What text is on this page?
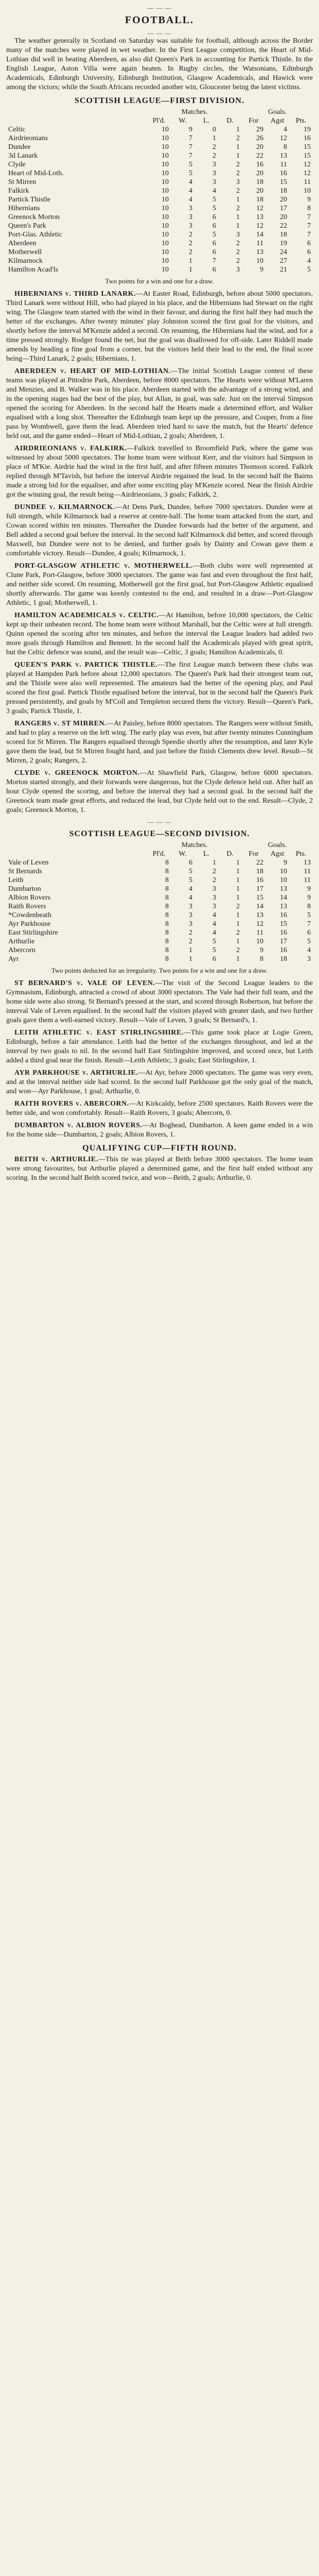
— — —
FOOTBALL.
— — —

The weather generally in Scotland on Saturday was suitable for football, although across the Border many of the matches were played in wet weather. In the First League competition, the Heart of Mid-Lothian did well in beating Aberdeen, as also did Queen's Park in accounting for Partick Thistle. In the English League, Aston Villa were again beaten. In Rugby circles, the Watsonians, Edinburgh Academicals, Edinburgh University, Edinburgh Institution, Glasgow Academicals, and Hawick were among the victors; while the South Africans recorded another win, Gloucester being the latest victims.

SCOTTISH LEAGUE—FIRST DIVISION.
	Matches.				Goals.		
	Pl'd.	W.	L.	D.	For	Agst	Pts.
Celtic	10	9	0	1	29	4	19
Airdrieonians	10	7	1	2	26	12	16
Dundee	10	7	2	1	20	8	15
3d Lanark	10	7	2	1	22	13	15
Clyde	10	5	3	2	16	11	12
Heart of Mid-Loth.	10	5	3	2	20	16	12
St Mirren	10	4	3	3	18	15	11
Falkirk	10	4	4	2	20	18	10
Partick Thistle	10	4	5	1	18	20	9
Hibernians	10	3	5	2	12	17	8
Greenock Morton	10	3	6	1	13	20	7
Queen's Park	10	3	6	1	12	22	7
Port-Glas. Athletic	10	2	5	3	14	18	7
Aberdeen	10	2	6	2	11	19	6
Motherwell	10	2	6	2	13	24	6
Kilmarnock	10	1	7	2	10	27	4
Hamilton Acad'ls	10	1	6	3	9	21	5
Two points for a win and one for a draw.

HIBERNIANS v. THIRD LANARK.—At Easter Road, Edinburgh, before about 5000 spectators. Third Lanark were without Hill, who had played in his place, and the Hibernians had Stewart on the right wing. The Glasgow team started with the wind in their favour, and during the first half they had much the better of the exchanges. After twenty minutes' play Johnston scored the first goal for the visitors, and shortly before the interval M'Kenzie added a second. On resuming, the Hibernians had the wind, and for a time pressed strongly. Rodger found the net, but the goal was disallowed for off-side. Later Riddell made amends by heading a fine goal from a corner, but the visitors held their lead to the end, the final score being—Third Lanark, 2 goals; Hibernians, 1.

ABERDEEN v. HEART OF MID-LOTHIAN.—The initial Scottish League contest of these teams was played at Pittodrie Park, Aberdeen, before 8000 spectators. The Hearts were without M'Laren and Menzies, and B. Walker was in his place. Aberdeen started with the advantage of a strong wind, and in the opening stages had the best of the play, but Allan, in goal, was safe. Just on the interval Simpson opened the scoring for Aberdeen. In the second half the Hearts made a determined effort, and Walker equalised with a long shot. Thereafter the Edinburgh team kept up the pressure, and Couper, from a fine pass by Wombwell, gave them the lead. Aberdeen tried hard to save the match, but the Hearts' defence held out, and the game ended—Heart of Mid-Lothian, 2 goals; Aberdeen, 1.

AIRDRIEONIANS v. FALKIRK.—Falkirk travelled to Broomfield Park, where the game was witnessed by about 5000 spectators. The home team were without Kerr, and the visitors had Simpson in place of M'Kie. Airdrie had the wind in the first half, and after fifteen minutes Thomson scored. Falkirk replied through M'Tavish, but before the interval Airdrie regained the lead. In the second half the Bairns made a strong bid for the equaliser, and after some exciting play M'Kenzie scored. Near the finish Airdrie got the winning goal, the result being—Airdrieonians, 3 goals; Falkirk, 2.

DUNDEE v. KILMARNOCK.—At Dens Park, Dundee, before 7000 spectators. Dundee were at full strength, while Kilmarnock had a reserve at centre-half. The home team attacked from the start, and Cowan scored within ten minutes. Thereafter the Dundee forwards had the better of the argument, and Bell added a second goal before the interval. In the second half Kilmarnock did better, and scored through Maxwell, but Dundee were not to be denied, and further goals by Dainty and Cowan gave them a comfortable victory. Result—Dundee, 4 goals; Kilmarnock, 1.

PORT-GLASGOW ATHLETIC v. MOTHERWELL.—Both clubs were well represented at Clune Park, Port-Glasgow, before 3000 spectators. The game was fast and even throughout the first half, and neither side scored. On resuming, Motherwell got the first goal, but Port-Glasgow Athletic equalised shortly afterwards. The game was keenly contested to the end, and resulted in a draw—Port-Glasgow Athletic, 1 goal; Motherwell, 1.

HAMILTON ACADEMICALS v. CELTIC.—At Hamilton, before 10,000 spectators, the Celtic kept up their unbeaten record. The home team were without Marshall, but the Celtic were at full strength. Quinn opened the scoring after ten minutes, and before the interval the League leaders had added two more goals through Hamilton and Bennett. In the second half the Academicals played with great spirit, but the Celtic defence was sound, and the result was—Celtic, 3 goals; Hamilton Academicals, 0.

QUEEN'S PARK v. PARTICK THISTLE.—The first League match between these clubs was played at Hampden Park before about 12,000 spectators. The Queen's Park had their strongest team out, and the Thistle were also well represented. The amateurs had the better of the opening play, and Paul scored the first goal. Partick Thistle equalised before the interval, but in the second half the Queen's Park pressed persistently, and goals by M'Coll and Templeton secured them the victory. Result—Queen's Park, 3 goals; Partick Thistle, 1.

RANGERS v. ST MIRREN.—At Paisley, before 8000 spectators. The Rangers were without Smith, and had to play a reserve on the left wing. The early play was even, but after twenty minutes Cunningham scored for St Mirren. The Rangers equalised through Speedie shortly after the resumption, and later Kyle gave them the lead, but St Mirren fought hard, and just before the finish Clements drew level. Result—St Mirren, 2 goals; Rangers, 2.

CLYDE v. GREENOCK MORTON.—At Shawfield Park, Glasgow, before 6000 spectators. Morton started strongly, and their forwards were dangerous, but the Clyde defence held out. After half an hour Clyde opened the scoring, and before the interval they had a second goal. In the second half the Greenock team made great efforts, and reduced the lead, but Clyde held out to the end. Result—Clyde, 2 goals; Greenock Morton, 1.

— — —
SCOTTISH LEAGUE—SECOND DIVISION.
	Matches.				Goals.		
	Pl'd.	W.	L.	D.	For	Agst	Pts.
Vale of Leven	8	6	1	1	22	9	13
St Bernards	8	5	2	1	18	10	11
Leith	8	5	2	1	16	10	11
Dumbarton	8	4	3	1	17	13	9
Albion Rovers	8	4	3	1	15	14	9
Raith Rovers	8	3	3	2	14	13	8
*Cowdenbeath	8	3	4	1	13	16	5
Ayr Parkhouse	8	3	4	1	12	15	7
East Stirlingshire	8	2	4	2	11	16	6
Arthurlie	8	2	5	1	10	17	5
Abercorn	8	1	5	2	9	16	4
Ayr	8	1	6	1	8	18	3
Two points deducted for an irregularity. Two points for a win and one for a draw.

ST BERNARD'S v. VALE OF LEVEN.—The visit of the Second League leaders to the Gymnasium, Edinburgh, attracted a crowd of about 3000 spectators. The Vale had their full team, and the home side were also strong. St Bernard's pressed at the start, and scored through Robertson, but before the interval Vale of Leven equalised. In the second half the visitors played with greater dash, and two further goals gave them a well-earned victory. Result—Vale of Leven, 3 goals; St Bernard's, 1.

LEITH ATHLETIC v. EAST STIRLINGSHIRE.—This game took place at Logie Green, Edinburgh, before a fair attendance. Leith had the better of the exchanges throughout, and led at the interval by two goals to nil. In the second half East Stirlingshire improved, and scored once, but Leith added a third goal near the finish. Result—Leith Athletic, 3 goals; East Stirlingshire, 1.

AYR PARKHOUSE v. ARTHURLIE.—At Ayr, before 2000 spectators. The game was very even, and at the interval neither side had scored. In the second half Parkhouse got the only goal of the match, and won—Ayr Parkhouse, 1 goal; Arthurlie, 0.

RAITH ROVERS v. ABERCORN.—At Kirkcaldy, before 2500 spectators. Raith Rovers were the better side, and won comfortably. Result—Raith Rovers, 3 goals; Abercorn, 0.

DUMBARTON v. ALBION ROVERS.—At Boghead, Dumbarton. A keen game ended in a win for the home side—Dumbarton, 2 goals; Albion Rovers, 1.

QUALIFYING CUP—FIFTH ROUND.

BEITH v. ARTHURLIE.—This tie was played at Beith before 3000 spectators. The home team were strong favourites, but Arthurlie played a determined game, and the first half ended without any scoring. In the second half Beith scored twice, and won—Beith, 2 goals; Arthurlie, 0.
